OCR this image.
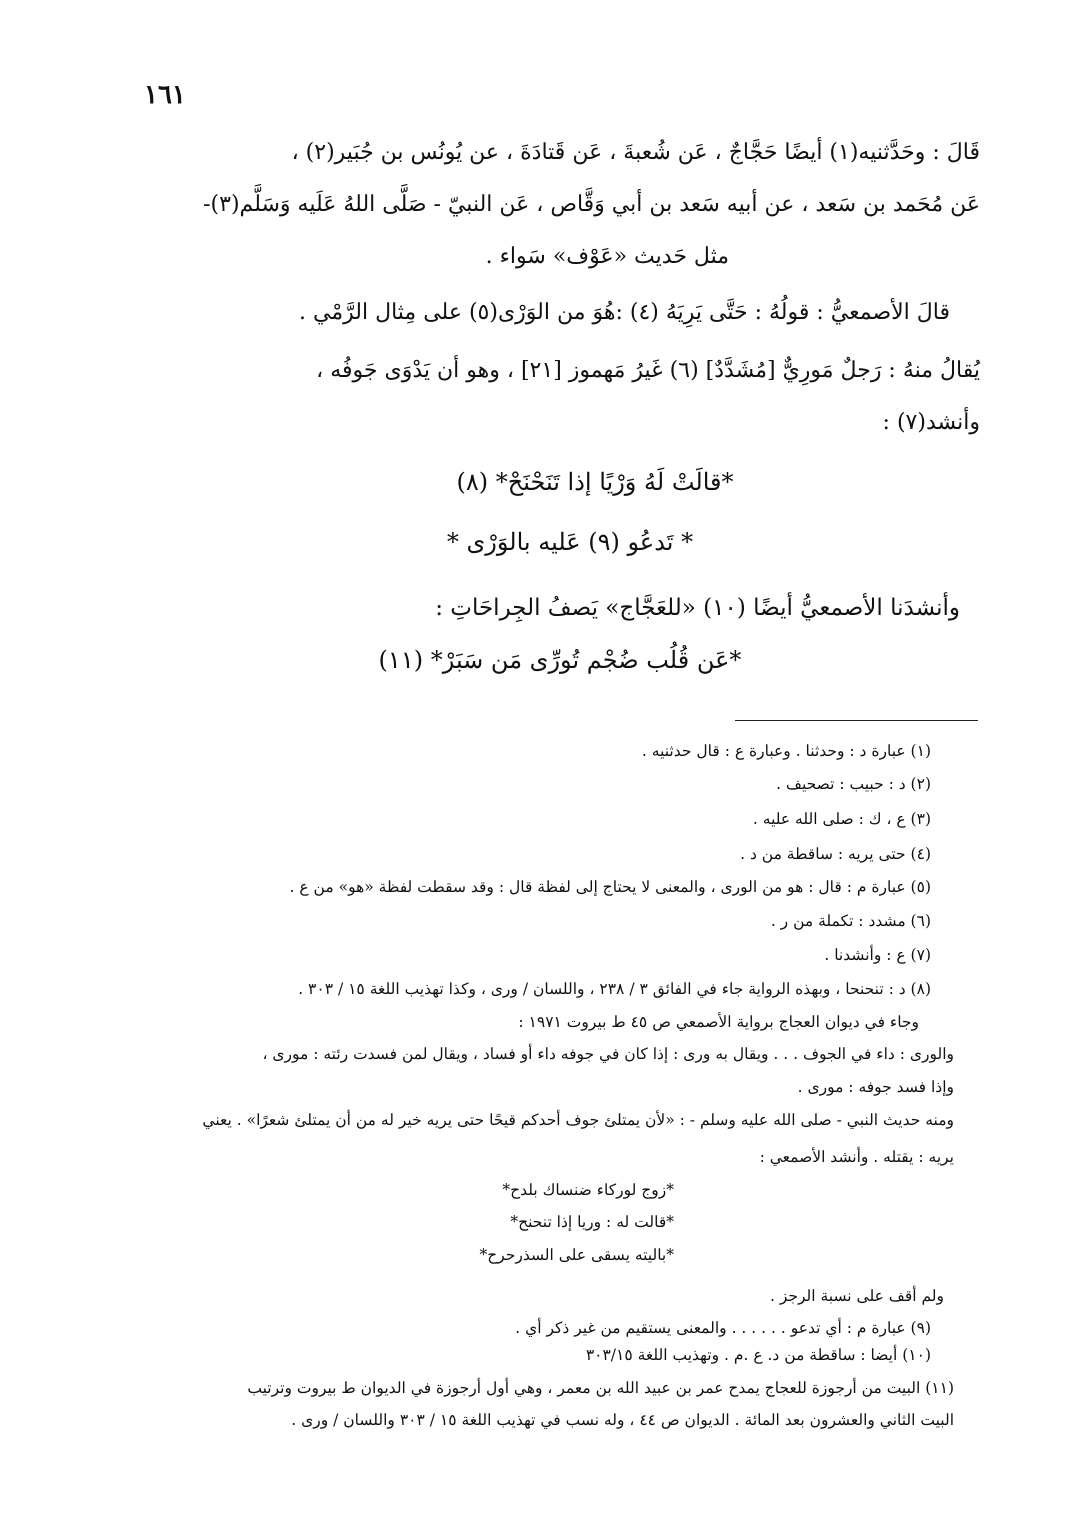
١٦١
قَالَ : وحَدَّثنيه(١) أيضًا حَجَّاجٌ ، عَن شُعبةَ ، عَن قَتادَةَ ، عن يُونُس بن جُبَير(٢) ،
عَن مُحَمد بن سَعد ، عن أبيه سَعد بن أبي وَقَّاص ، عَن النبيّ - صَلَّى اللهُ عَلَيه وَسَلَّم(٣)-
مثل حَديث «عَوْف» سَواء .
قالَ الأصمعيُّ : قولُهُ : حَتَّى يَرِيَهُ (٤) :هُوَ من الوَرْى(٥) على مِثال الرَّمْي .
يُقالُ منهُ : رَجلٌ مَورِيٌّ [مُشَدَّدٌ] (٦) غَيرُ مَهموز [٢١] ، وهو أن يَدْوَى جَوفُه ،
وأنشد(٧) :
*قالَتْ لَهُ وَرْيًا إذا تَنَحْنَحْ* (٨)
* تَدعُو (٩) عَليه بالوَرْى *
وأنشدَنا الأصمعيُّ أيضًا (١٠) «للعَجَّاج» يَصفُ الجِراحَاتِ :
*عَن قُلُب ضُجْم تُورِّى مَن سَبَرْ* (١١)
(١) عبارة د : وحدثنا . وعبارة ع : قال حدثنيه .
(٢) د : حبيب : تصحيف .
(٣) ع ، ك : صلى الله عليه .
(٤) حتى يريه : ساقطة من د .
(٥) عبارة م : قال : هو من الورى ، والمعنى لا يحتاج إلى لفظة قال : وقد سقطت لفظة «هو» من ع .
(٦) مشدد : تكملة من ر .
(٧) ع : وأنشدنا .
(٨) د : تنحنحا ، وبهذه الرواية جاء في الفائق ٣ / ٢٣٨ ، واللسان / ورى ، وكذا تهذيب اللغة ١٥ / ٣٠٣ .
وجاء في ديوان العجاج برواية الأصمعي ص ٤٥ ط بيروت ١٩٧١ :
والورى : داء في الجوف . . . ويقال به ورى : إذا كان في جوفه داء أو فساد ، ويقال لمن فسدت رئته : مورى ،
وإذا فسد جوفه : مورى .
ومنه حديث النبي - صلى الله عليه وسلم - : «لأن يمتلئ جوف أحدكم قيحًا حتى يريه خير له من أن يمتلئ شعرًا» . يعني
يريه : يقتله . وأنشد الأصمعي :
*زوج لوركاء ضنساك بلدح*
*قالت له : وريا إذا تنحنح*
*باليته يسقى على السذرحرح*
ولم أقف على نسبة الرجز .
(٩) عبارة م : أي تدعو . . . . . . والمعنى يستقيم من غير ذكر أي .
(١٠) أيضا : ساقطة من د. ع .م . وتهذيب اللغة ٣٠٣/١٥
(١١) البيت من أرجوزة للعجاج يمدح عمر بن عبيد الله بن معمر ، وهي أول أرجوزة في الديوان ط بيروت وترتيب
البيت الثاني والعشرون بعد المائة . الديوان ص ٤٤ ، وله نسب في تهذيب اللغة ١٥ / ٣٠٣ واللسان / ورى .
